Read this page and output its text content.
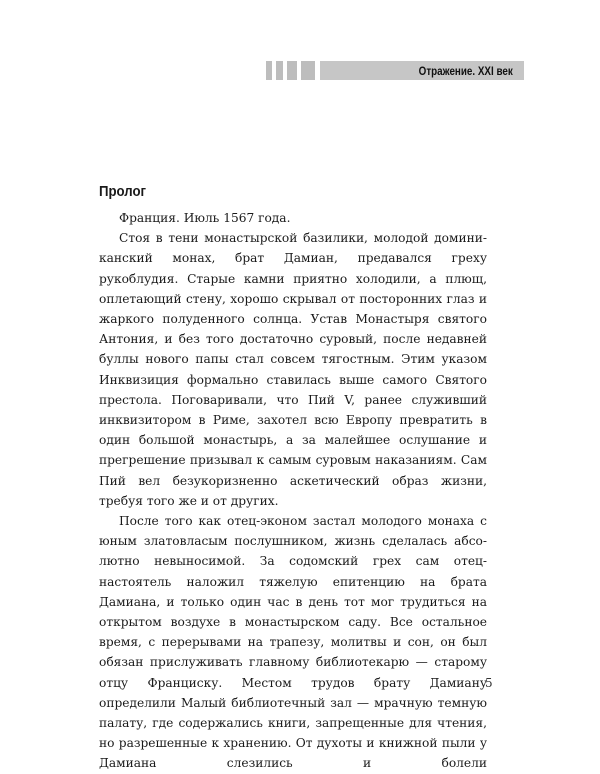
Отражение. XXI век
Пролог

Франция. Июль 1567 года.

Стоя в тени монастырской базилики, молодой доминиканский монах, брат Дамиан, предавался греху рукоблудия. Старые камни приятно холодили, а плющ, оплетающий стену, хорошо скрывал от посторонних глаз и жаркого полуденного солнца. Устав Монастыря святого Антония, и без того достаточно суровый, после недавней буллы нового папы стал совсем тягостным. Этим указом Инквизиция формально ставилась выше самого Святого престола. Поговаривали, что Пий V, ранее служивший инквизитором в Риме, захотел всю Европу превратить в один большой монастырь, а за малейшее ослушание и прегрешение призывал к самым суровым наказаниям. Сам Пий вел безукоризненно аскетический образ жизни, требуя того же и от других.

После того как отец-эконом застал молодого монаха с юным златовласым послушником, жизнь сделалась абсолютно невыносимой. За содомский грех сам отец-настоятель наложил тяжелую епитенцию на брата Дамиана, и только один час в день тот мог трудиться на открытом воздухе в монастырском саду. Все остальное время, с перерывами на трапезу, молитвы и сон, он был обязан прислуживать главному библиотекарю — старому отцу Франциску. Местом трудов брату Дамиану определили Малый библиотечный зал — мрачную темную палату, где содержались книги, запрещенные для чтения, но разрешенные к хранению. От духоты и книжной пыли у Дамиана слезились и болели

5
